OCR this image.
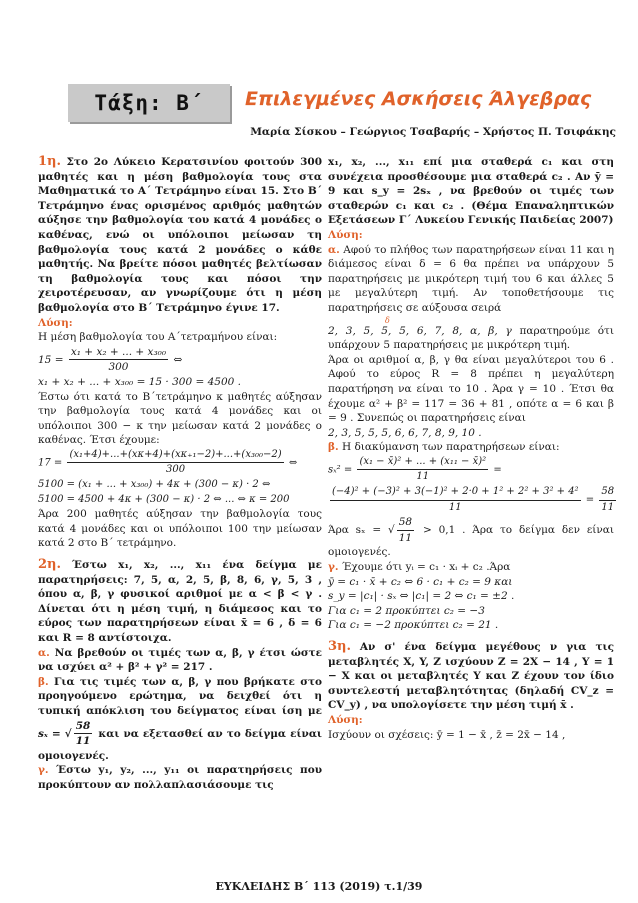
Τάξη: Β΄ Επιλεγμένες Ασκήσεις Άλγεβρας
Μαρία Σίσκου – Γεώργιος Τσαβαρής – Χρήστος Π. Τσιφάκης

1η. Στο 2ο Λύκειο Κερατσινίου φοιτούν 300 μαθητές και η μέση βαθμολογία τους στα Μαθηματικά το Α΄ Τετράμηνο είναι 15. Στο Β΄ Τετράμηνο ένας ορισμένος αριθμός μαθητών αύξησε την βαθμολογία του κατά 4 μονάδες ο καθένας, ενώ οι υπόλοιποι μείωσαν τη βαθμολογία τους κατά 2 μονάδες ο κάθε μαθητής. Να βρείτε πόσοι μαθητές βελτίωσαν τη βαθμολογία τους και πόσοι την χειροτέρευσαν, αν γνωρίζουμε ότι η μέση βαθμολογία στο Β΄ Τετράμηνο έγινε 17.

Λύση:

Η μέση βαθμολογία του Α΄τετραμήνου είναι:

$15 = \frac{\text{x₁ + x₂ + ... + x₃₀₀}}{300}$ ⇔

x₁ + x₂ + ... + x₃₀₀ = 15 · 300 = 4500 .

Έστω ότι κατά το Β΄τετράμηνο κ μαθητές αύξησαν την βαθμολογία τους κατά 4 μονάδες και οι υπόλοιποι 300 − κ την μείωσαν κατά 2 μονάδες ο καθένας. Έτσι έχουμε:

$17 = \frac{\text{(x₁+4)+...+(xκ+4)+(xκ₊₁−2)+...+(x₃₀₀−2)}}{300}$ ⇔

5100 = (x₁ + ... + x₃₀₀) + 4κ + (300 − κ) · 2 ⇔

5100 = 4500 + 4κ + (300 − κ) · 2 ⇔ ... ⇔ κ = 200

Άρα 200 μαθητές αύξησαν την βαθμολογία τους κατά 4 μονάδες και οι υπόλοιποι 100 την μείωσαν κατά 2 στο Β΄ τετράμηνο.

2η. Έστω x₁, x₂, ..., x₁₁ ένα δείγμα με παρατηρήσεις: 7, 5, α, 2, 5, β, 8, 6, γ, 5, 3 , όπου α, β, γ φυσικοί αριθμοί με α < β < γ . Δίνεται ότι η μέση τιμή, η διάμεσος και το εύρος των παρατηρήσεων είναι x̄ = 6 , δ = 6 και R = 8 αντίστοιχα.

α. Να βρεθούν οι τιμές των α, β, γ έτσι ώστε να ισχύει α² + β² + γ² = 217 .

β. Για τις τιμές των α, β, γ που βρήκατε στο προηγούμενο ερώτημα, να δειχθεί ότι η τυπική απόκλιση του δείγματος είναι ίση με sₓ = √ $\frac{58}{11}$ και να εξετασθεί αν το δείγμα είναι ομοιογενές.

γ. Έστω y₁, y₂, ..., y₁₁ οι παρατηρήσεις που προκύπτουν αν πολλαπλασιάσουμε τις

x₁, x₂, ..., x₁₁ επί μια σταθερά c₁ και στη συνέχεια προσθέσουμε μια σταθερά c₂ . Αν ȳ = 9 και s_y = 2sₓ , να βρεθούν οι τιμές των σταθερών c₁ και c₂ . (Θέμα Επαναληπτικών Εξετάσεων Γ΄ Λυκείου Γενικής Παιδείας 2007)

Λύση:

α. Αφού το πλήθος των παρατηρήσεων είναι 11 και η διάμεσος είναι δ = 6 θα πρέπει να υπάρχουν 5 παρατηρήσεις με μικρότερη τιμή του 6 και άλλες 5 με μεγαλύτερη τιμή. Αν τοποθετήσουμε τις παρατηρήσεις σε αύξουσα σειρά

δ
2, 3, 5, 5, 5, 6, 7, 8, α, β, γ παρατηρούμε ότι υπάρχουν 5 παρατηρήσεις με μικρότερη τιμή.

Άρα οι αριθμοί α, β, γ θα είναι μεγαλύτεροι του 6 . Αφού το εύρος R = 8 πρέπει η μεγαλύτερη παρατήρηση να είναι το 10 . Άρα γ = 10 . Έτσι θα έχουμε α² + β² = 117 = 36 + 81 , οπότε α = 6 και β = 9 . Συνεπώς οι παρατηρήσεις είναι

2, 3, 5, 5, 5, 6, 6, 7, 8, 9, 10 .

β. Η διακύμανση των παρατηρήσεων είναι:

$s_x^2 = \frac{\text{(x₁ − x̄)² + ... + (x₁₁ − x̄)²}}{11}$ =

$\frac{\text{(−4)² + (−3)² + 3(−1)² + 2·0 + 1² + 2² + 3² + 4²}}{11} = \frac{58}{11}$

Άρα sₓ = √ $\frac{58}{11} > 0,1$ . Άρα το δείγμα δεν είναι ομοιογενές.

γ. Έχουμε ότι yᵢ = c₁ · xᵢ + c₂ .Άρα

ȳ = c₁ · x̄ + c₂ ⇔ 6 · c₁ + c₂ = 9 και

s_y = |c₁| · sₓ ⇔ |c₁| = 2 ⇔ c₁ = ±2 .

Για c₁ = 2 προκύπτει c₂ = −3

Για c₁ = −2 προκύπτει c₂ = 21 .

3η. Αν σ' ένα δείγμα μεγέθους ν για τις μεταβλητές X, Y, Z ισχύουν Z = 2X − 14 , Y = 1 − X και οι μεταβλητές Y και Z έχουν τον ίδιο συντελεστή μεταβλητότητας (δηλαδή CV_z = CV_y) , να υπολογίσετε την μέση τιμή x̄ .

Λύση:

Ισχύουν οι σχέσεις: ȳ = 1 − x̄ , z̄ = 2x̄ − 14 ,

ΕΥΚΛΕΙΔΗΣ Β΄ 113 (2019) τ.1/39
